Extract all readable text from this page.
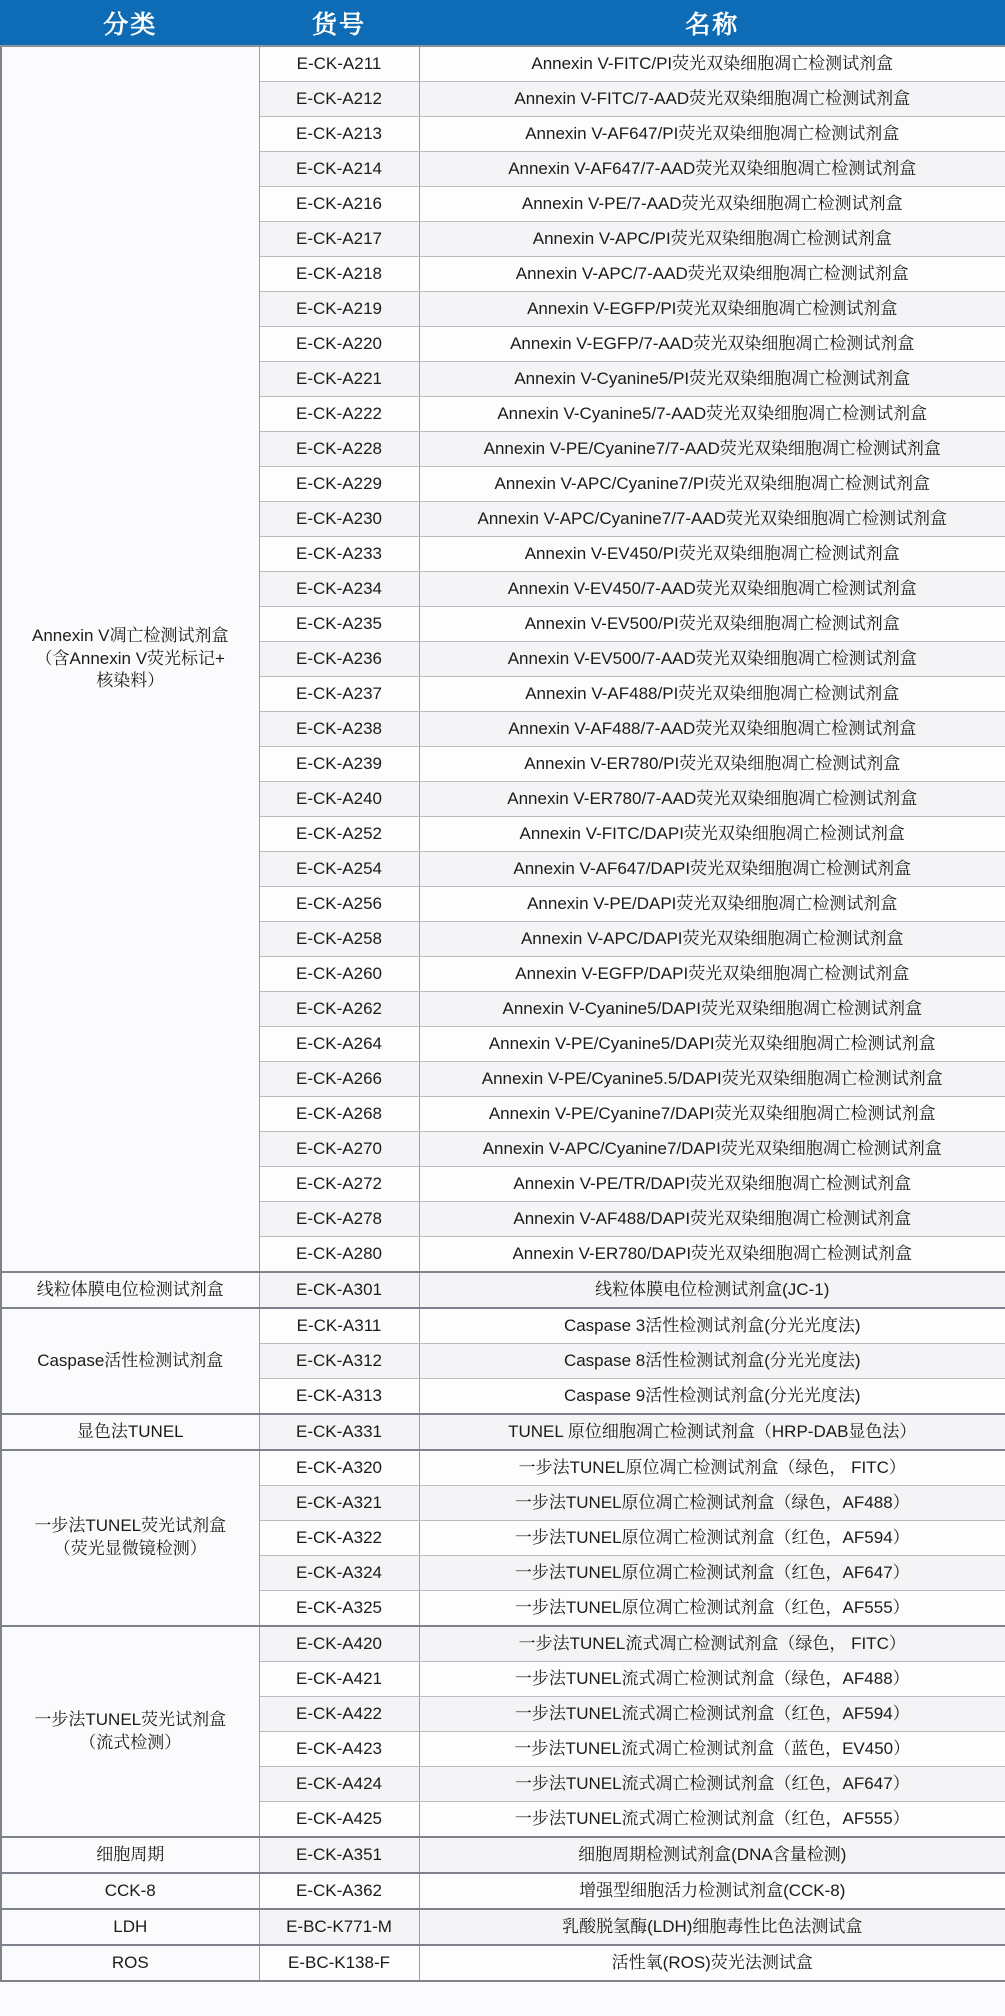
分类	货号	名称

Annexin V凋亡检测试剂盒
（含Annexin V荧光标记+
核染料）	E-CK-A211	Annexin V-FITC/PI荧光双染细胞凋亡检测试剂盒
	E-CK-A212	Annexin V-FITC/7-AAD荧光双染细胞凋亡检测试剂盒
	E-CK-A213	Annexin V-AF647/PI荧光双染细胞凋亡检测试剂盒
	E-CK-A214	Annexin V-AF647/7-AAD荧光双染细胞凋亡检测试剂盒
	E-CK-A216	Annexin V-PE/7-AAD荧光双染细胞凋亡检测试剂盒
	E-CK-A217	Annexin V-APC/PI荧光双染细胞凋亡检测试剂盒
	E-CK-A218	Annexin V-APC/7-AAD荧光双染细胞凋亡检测试剂盒
	E-CK-A219	Annexin V-EGFP/PI荧光双染细胞凋亡检测试剂盒
	E-CK-A220	Annexin V-EGFP/7-AAD荧光双染细胞凋亡检测试剂盒
	E-CK-A221	Annexin V-Cyanine5/PI荧光双染细胞凋亡检测试剂盒
	E-CK-A222	Annexin V-Cyanine5/7-AAD荧光双染细胞凋亡检测试剂盒
	E-CK-A228	Annexin V-PE/Cyanine7/7-AAD荧光双染细胞凋亡检测试剂盒
	E-CK-A229	Annexin V-APC/Cyanine7/PI荧光双染细胞凋亡检测试剂盒
	E-CK-A230	Annexin V-APC/Cyanine7/7-AAD荧光双染细胞凋亡检测试剂盒
	E-CK-A233	Annexin V-EV450/PI荧光双染细胞凋亡检测试剂盒
	E-CK-A234	Annexin V-EV450/7-AAD荧光双染细胞凋亡检测试剂盒
	E-CK-A235	Annexin V-EV500/PI荧光双染细胞凋亡检测试剂盒
	E-CK-A236	Annexin V-EV500/7-AAD荧光双染细胞凋亡检测试剂盒
	E-CK-A237	Annexin V-AF488/PI荧光双染细胞凋亡检测试剂盒
	E-CK-A238	Annexin V-AF488/7-AAD荧光双染细胞凋亡检测试剂盒
	E-CK-A239	Annexin V-ER780/PI荧光双染细胞凋亡检测试剂盒
	E-CK-A240	Annexin V-ER780/7-AAD荧光双染细胞凋亡检测试剂盒
	E-CK-A252	Annexin V-FITC/DAPI荧光双染细胞凋亡检测试剂盒
	E-CK-A254	Annexin V-AF647/DAPI荧光双染细胞凋亡检测试剂盒
	E-CK-A256	Annexin V-PE/DAPI荧光双染细胞凋亡检测试剂盒
	E-CK-A258	Annexin V-APC/DAPI荧光双染细胞凋亡检测试剂盒
	E-CK-A260	Annexin V-EGFP/DAPI荧光双染细胞凋亡检测试剂盒
	E-CK-A262	Annexin V-Cyanine5/DAPI荧光双染细胞凋亡检测试剂盒
	E-CK-A264	Annexin V-PE/Cyanine5/DAPI荧光双染细胞凋亡检测试剂盒
	E-CK-A266	Annexin V-PE/Cyanine5.5/DAPI荧光双染细胞凋亡检测试剂盒
	E-CK-A268	Annexin V-PE/Cyanine7/DAPI荧光双染细胞凋亡检测试剂盒
	E-CK-A270	Annexin V-APC/Cyanine7/DAPI荧光双染细胞凋亡检测试剂盒
	E-CK-A272	Annexin V-PE/TR/DAPI荧光双染细胞凋亡检测试剂盒
	E-CK-A278	Annexin V-AF488/DAPI荧光双染细胞凋亡检测试剂盒
	E-CK-A280	Annexin V-ER780/DAPI荧光双染细胞凋亡检测试剂盒

线粒体膜电位检测试剂盒	E-CK-A301	线粒体膜电位检测试剂盒(JC-1)

Caspase活性检测试剂盒	E-CK-A311	Caspase 3活性检测试剂盒(分光光度法)
	E-CK-A312	Caspase 8活性检测试剂盒(分光光度法)
	E-CK-A313	Caspase 9活性检测试剂盒(分光光度法)

显色法TUNEL	E-CK-A331	TUNEL 原位细胞凋亡检测试剂盒（HRP-DAB显色法）

一步法TUNEL荧光试剂盒
（荧光显微镜检测）	E-CK-A320	一步法TUNEL原位凋亡检测试剂盒（绿色， FITC）
	E-CK-A321	一步法TUNEL原位凋亡检测试剂盒（绿色，AF488）
	E-CK-A322	一步法TUNEL原位凋亡检测试剂盒（红色，AF594）
	E-CK-A324	一步法TUNEL原位凋亡检测试剂盒（红色，AF647）
	E-CK-A325	一步法TUNEL原位凋亡检测试剂盒（红色，AF555）

一步法TUNEL荧光试剂盒
（流式检测）	E-CK-A420	一步法TUNEL流式凋亡检测试剂盒（绿色， FITC）
	E-CK-A421	一步法TUNEL流式凋亡检测试剂盒（绿色，AF488）
	E-CK-A422	一步法TUNEL流式凋亡检测试剂盒（红色，AF594）
	E-CK-A423	一步法TUNEL流式凋亡检测试剂盒（蓝色，EV450）
	E-CK-A424	一步法TUNEL流式凋亡检测试剂盒（红色，AF647）
	E-CK-A425	一步法TUNEL流式凋亡检测试剂盒（红色，AF555）

细胞周期	E-CK-A351	细胞周期检测试剂盒(DNA含量检测)

CCK-8	E-CK-A362	增强型细胞活力检测试剂盒(CCK-8)

LDH	E-BC-K771-M	乳酸脱氢酶(LDH)细胞毒性比色法测试盒

ROS	E-BC-K138-F	活性氧(ROS)荧光法测试盒
